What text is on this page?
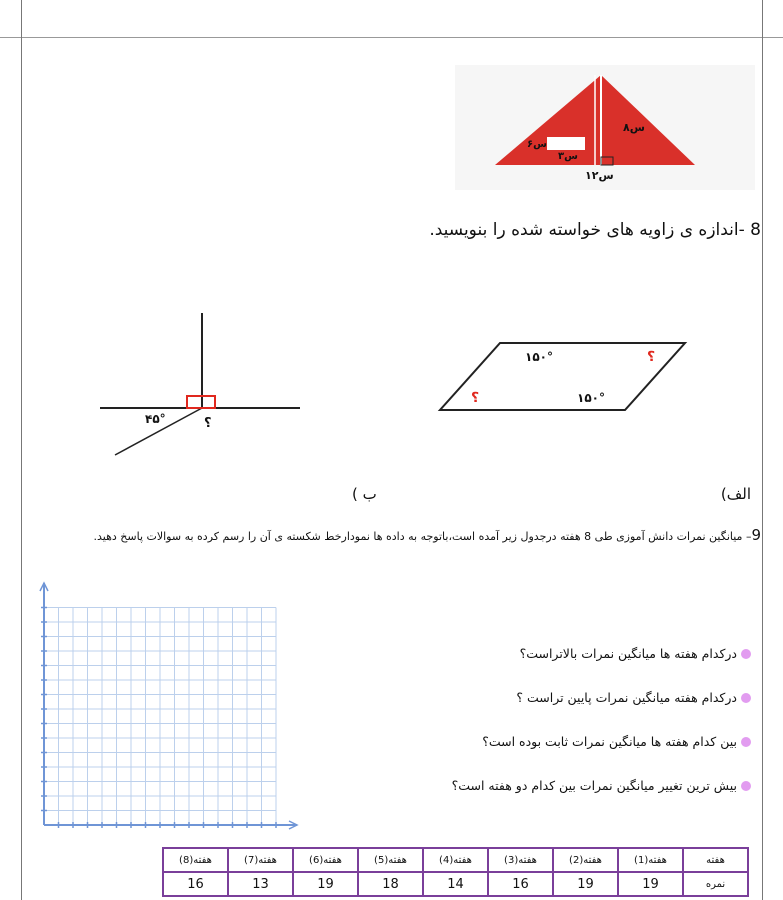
۸س
۳س
۶س
۱۲س
8 -اندازه ی زاویه های خواسته شده را بنویسید.
۴۵°	؟
۱۵۰°
۱۵۰°
؟
؟
ب )	الف)
9– میانگین نمرات دانش آموزی طی 8 هفته درجدول زیر آمده است،باتوجه به داده ها نمودارخط شکسته ی آن را رسم کرده به سوالات پاسخ دهید.
درکدام هفته ها میانگین نمرات بالاتراست؟
درکدام هفته میانگین نمرات پایین تراست ؟
بین کدام هفته ها میانگین نمرات ثابت بوده است؟
بیش ترین تغییر میانگین نمرات بین کدام دو هفته است؟
هفته	هفته(1)	هفته(2)	هفته(3)	هفته(4)	هفته(5)	هفته(6)	هفته(7)	هفته(8)
نمره	19	19	16	14	18	19	13	16
